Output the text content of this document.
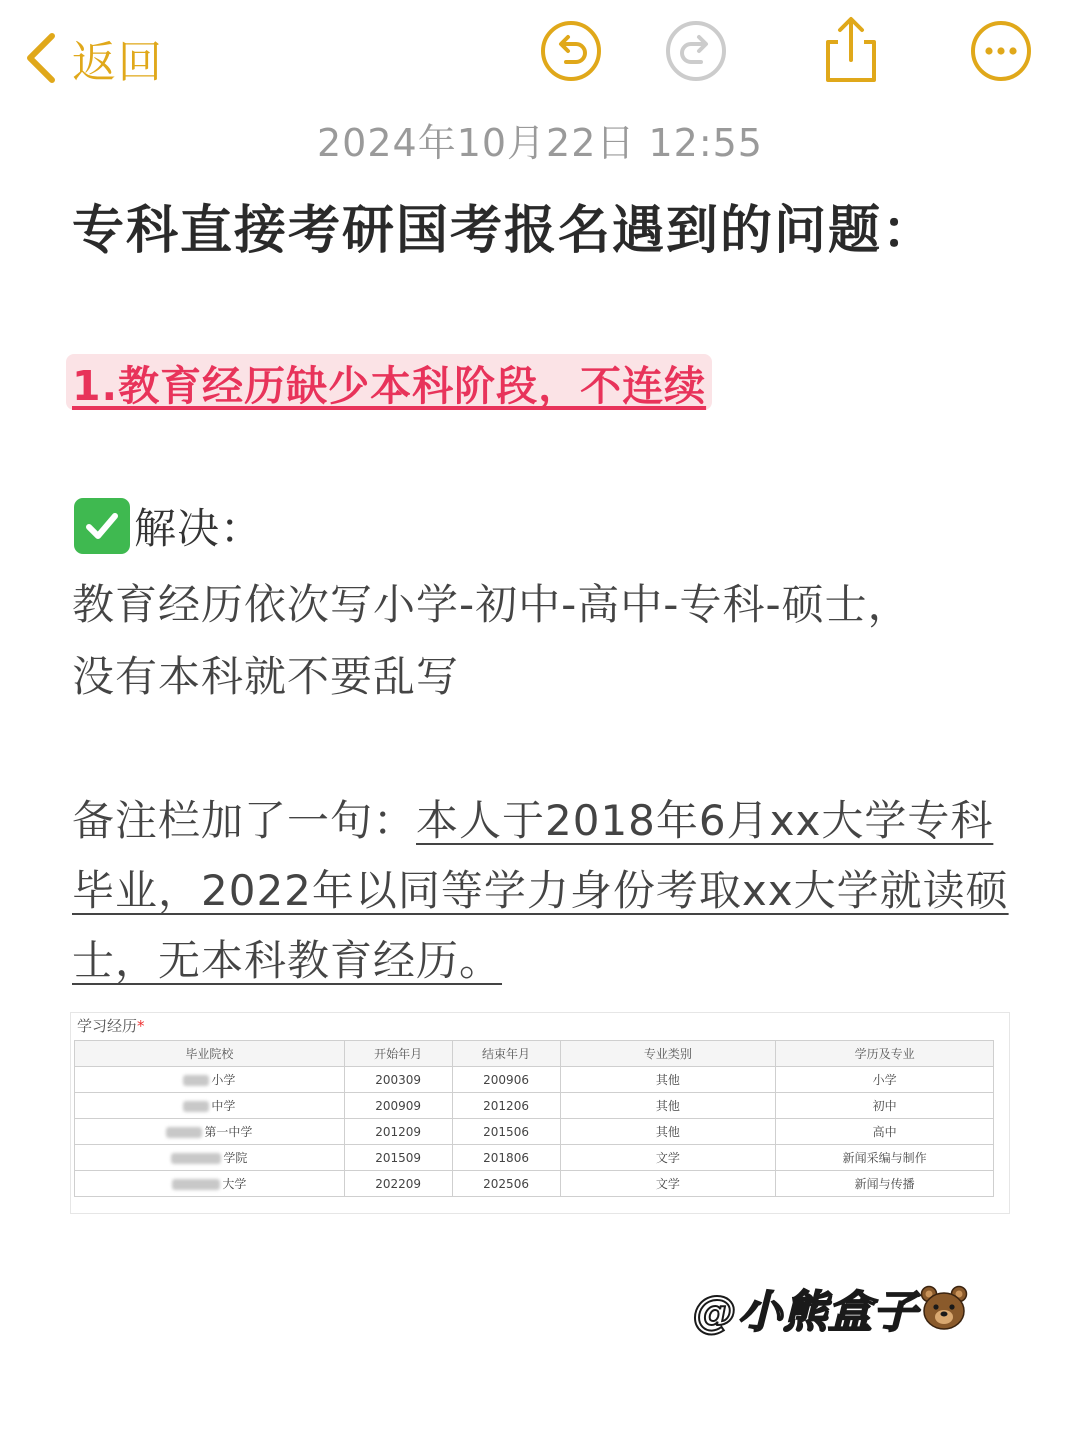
返回
2024年10月22日 12:55
专科直接考研国考报名遇到的问题：
1.教育经历缺少本科阶段，不连续
解决：
教育经历依次写小学-初中-高中-专科-硕士，
没有本科就不要乱写
备注栏加了一句：本人于2018年6月xx大学专科毕业，2022年以同等学力身份考取xx大学就读硕士，无本科教育经历。
学习经历*
毕业院校	开始年月	结束年月	专业类别	学历及专业
小学	200309	200906	其他	小学
中学	200909	201206	其他	初中
第一中学	201209	201506	其他	高中
学院	201509	201806	文学	新闻采编与制作
大学	202209	202506	文学	新闻与传播
@小熊盒子
